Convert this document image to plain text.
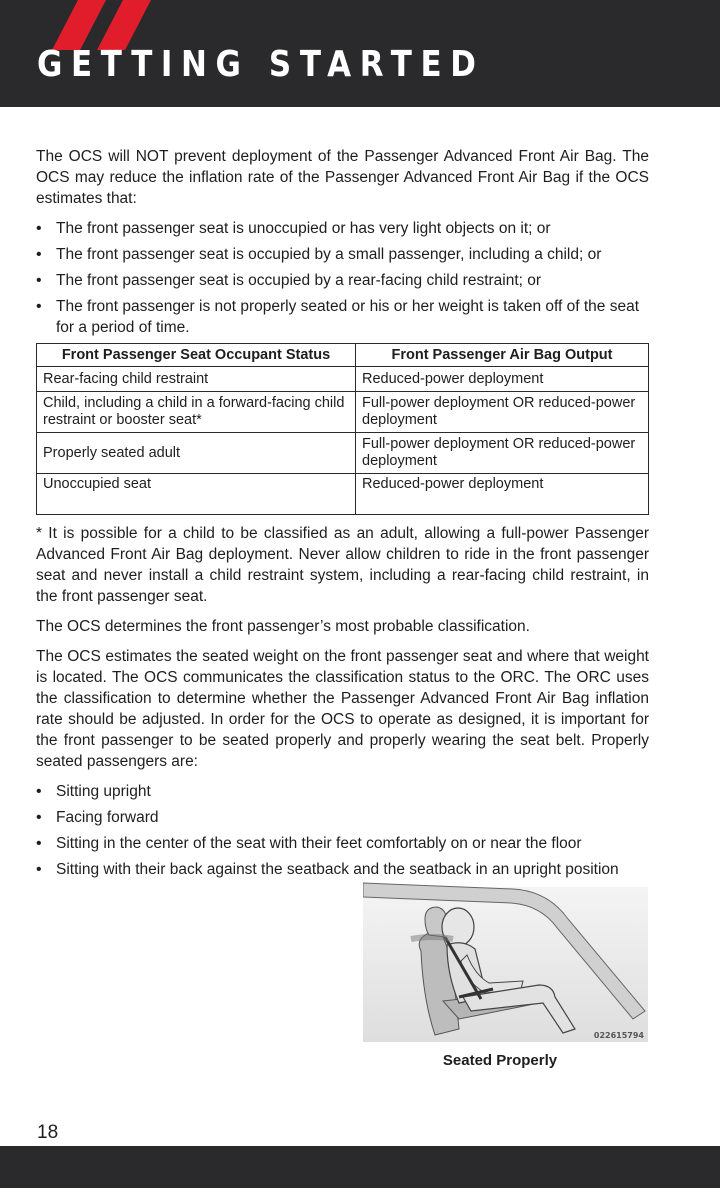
GETTING STARTED

The OCS will NOT prevent deployment of the Passenger Advanced Front Air Bag. The OCS may reduce the inflation rate of the Passenger Advanced Front Air Bag if the OCS estimates that:

• The front passenger seat is unoccupied or has very light objects on it; or
• The front passenger seat is occupied by a small passenger, including a child; or
• The front passenger seat is occupied by a rear-facing child restraint; or
• The front passenger is not properly seated or his or her weight is taken off of the seat for a period of time.
Front Passenger Seat Occupant Status	Front Passenger Air Bag Output
Rear-facing child restraint	Reduced-power deployment
Child, including a child in a forward-facing child restraint or booster seat*	Full-power deployment OR reduced-power deployment
Properly seated adult	Full-power deployment OR reduced-power deployment
Unoccupied seat	Reduced-power deployment

* It is possible for a child to be classified as an adult, allowing a full-power Passenger Advanced Front Air Bag deployment. Never allow children to ride in the front passenger seat and never install a child restraint system, including a rear-facing child restraint, in the front passenger seat.

The OCS determines the front passenger’s most probable classification.

The OCS estimates the seated weight on the front passenger seat and where that weight is located. The OCS communicates the classification status to the ORC. The ORC uses the classification to determine whether the Passenger Advanced Front Air Bag inflation rate should be adjusted. In order for the OCS to operate as designed, it is important for the front passenger to be seated properly and properly wearing the seat belt. Properly seated passengers are:

• Sitting upright
• Facing forward
• Sitting in the center of the seat with their feet comfortably on or near the floor
• Sitting with their back against the seatback and the seatback in an upright position
022615794
Seated Properly
18
